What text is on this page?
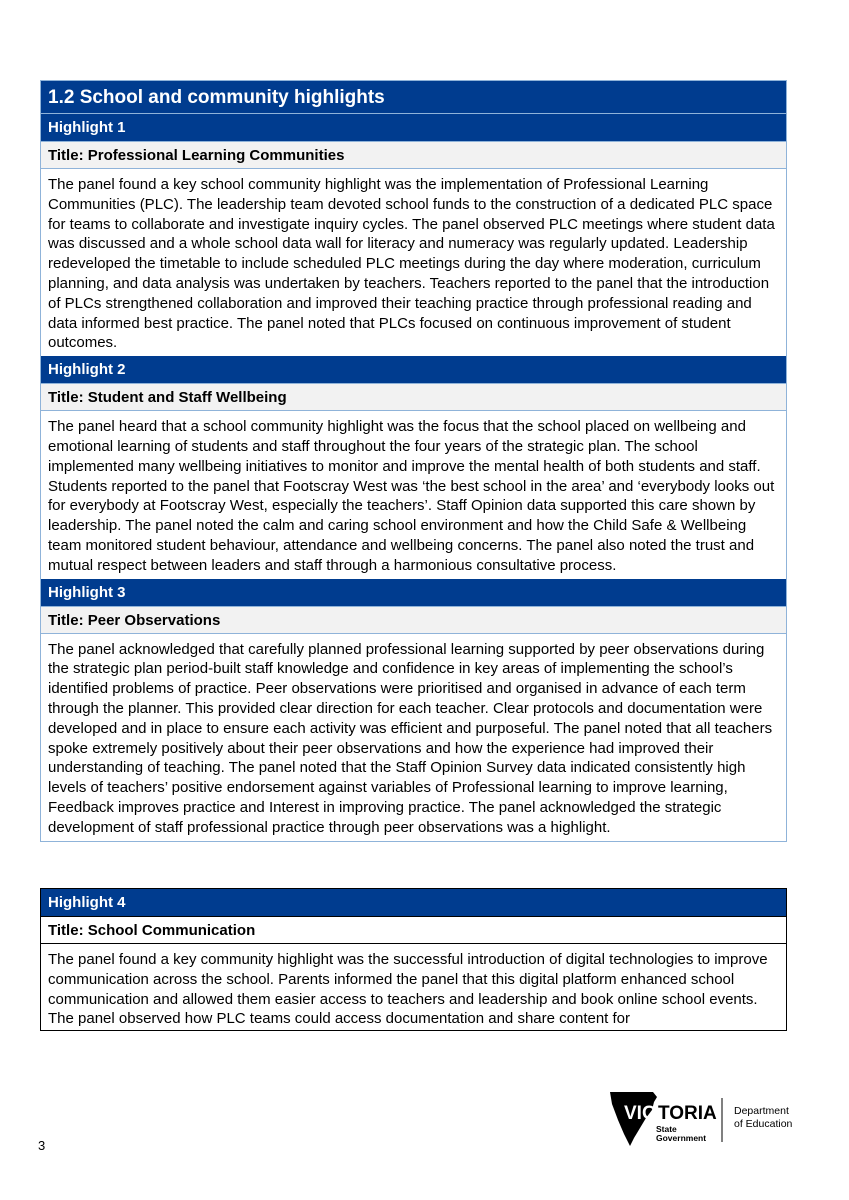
1.2 School and community highlights
Highlight 1
Title: Professional Learning Communities
The panel found a key school community highlight was the implementation of Professional Learning Communities (PLC). The leadership team devoted school funds to the construction of a dedicated PLC space for teams to collaborate and investigate inquiry cycles. The panel observed PLC meetings where student data was discussed and a whole school data wall for literacy and numeracy was regularly updated. Leadership redeveloped the timetable to include scheduled PLC meetings during the day where moderation, curriculum planning, and data analysis was undertaken by teachers. Teachers reported to the panel that the introduction of PLCs strengthened collaboration and improved their teaching practice through professional reading and data informed best practice. The panel noted that PLCs focused on continuous improvement of student outcomes.
Highlight 2
Title: Student and Staff Wellbeing
The panel heard that a school community highlight was the focus that the school placed on wellbeing and emotional learning of students and staff throughout the four years of the strategic plan. The school implemented many wellbeing initiatives to monitor and improve the mental health of both students and staff. Students reported to the panel that Footscray West was ‘the best school in the area’ and ‘everybody looks out for everybody at Footscray West, especially the teachers’. Staff Opinion data supported this care shown by leadership. The panel noted the calm and caring school environment and how the Child Safe & Wellbeing team monitored student behaviour, attendance and wellbeing concerns. The panel also noted the trust and mutual respect between leaders and staff through a harmonious consultative process.
Highlight 3
Title: Peer Observations
The panel acknowledged that carefully planned professional learning supported by peer observations during the strategic plan period-built staff knowledge and confidence in key areas of implementing the school’s identified problems of practice. Peer observations were prioritised and organised in advance of each term through the planner. This provided clear direction for each teacher. Clear protocols and documentation were developed and in place to ensure each activity was efficient and purposeful. The panel noted that all teachers spoke extremely positively about their peer observations and how the experience had improved their understanding of teaching. The panel noted that the Staff Opinion Survey data indicated consistently high levels of teachers’ positive endorsement against variables of Professional learning to improve learning, Feedback improves practice and Interest in improving practice. The panel acknowledged the strategic development of staff professional practice through peer observations was a highlight.
Highlight 4
Title: School Communication
The panel found a key community highlight was the successful introduction of digital technologies to improve communication across the school. Parents informed the panel that this digital platform enhanced school communication and allowed them easier access to teachers and leadership and book online school events. The panel observed how PLC teams could access documentation and share content for
3
VIC TORIA
State
Government
Department
of Education
